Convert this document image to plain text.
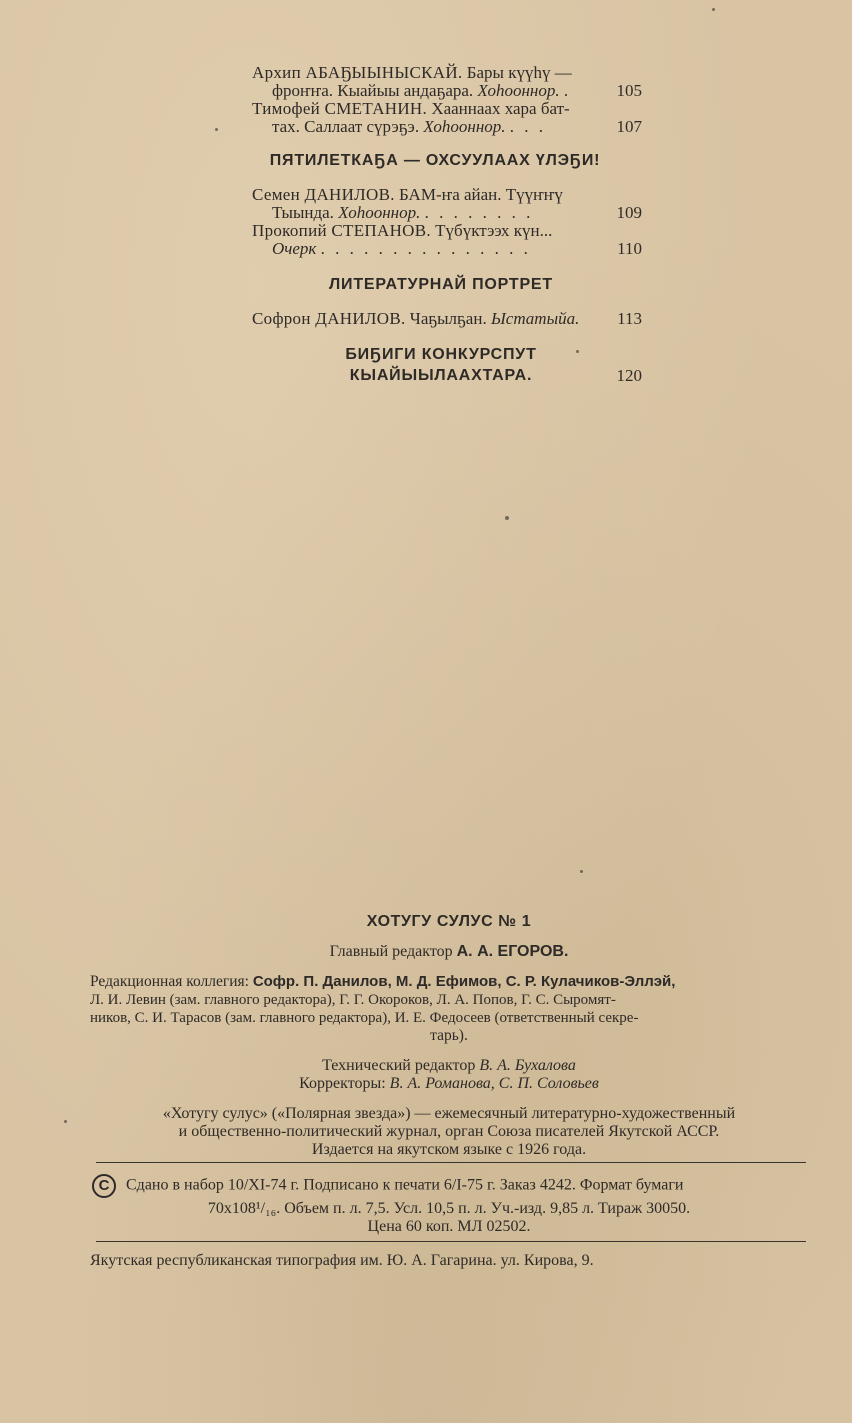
Архип АБАҔЫЫНЫСКАЙ. Бары күүһү —
фроҥҥа. Кыайыы андаҕара. Хоһооннор. .	105
Тимофей СМЕТАНИН. Хааннаах хара бат-
тах. Саллаат сүрэҕэ. Хоһооннор. . . .	107
ПЯТИЛЕТКАҔА — ОХСУУЛААХ ҮЛЭҔИ!
Семен ДАНИЛОВ. БАМ-ҥа айан. Түүҥҥү
Тыында. Хоһооннор. . . . . . . . .	109
Прокопий СТЕПАНОВ. Түбүктээх күн...
Очерк . . . . . . . . . . . . . . .	110
ЛИТЕРАТУРНАЙ ПОРТРЕТ
Софрон ДАНИЛОВ. Чаҕылҕан. Ыстатыйа.	113
БИҔИГИ КОНКУРСПУТ
КЫАЙЫЫЛААХТАРА.	120
ХОТУГУ СУЛУС № 1
Главный редактор А. А. ЕГОРОВ.
Редакционная коллегия: Софр. П. Данилов, М. Д. Ефимов, С. Р. Кулачиков-Эллэй,
Л. И. Левин (зам. главного редактора), Г. Г. Окороков, Л. А. Попов, Г. С. Сыромят-
ников, С. И. Тарасов (зам. главного редактора), И. Е. Федосеев (ответственный секре-
тарь).
Технический редактор В. А. Бухалова
Корректоры: В. А. Романова, С. П. Соловьев
«Хотугу сулус» («Полярная звезда») — ежемесячный литературно-художественный
и общественно-политический журнал, орган Союза писателей Якутской АССР.
Издается на якутском языке с 1926 года.
C Сдано в набор 10/XI-74 г. Подписано к печати 6/I-75 г. Заказ 4242. Формат бумаги
70х108¹/₁₆. Объем п. л. 7,5. Усл. 10,5 п. л. Уч.-изд. 9,85 л. Тираж 30050.
Цена 60 коп. МЛ 02502.
Якутская республиканская типография им. Ю. А. Гагарина. ул. Кирова, 9.
